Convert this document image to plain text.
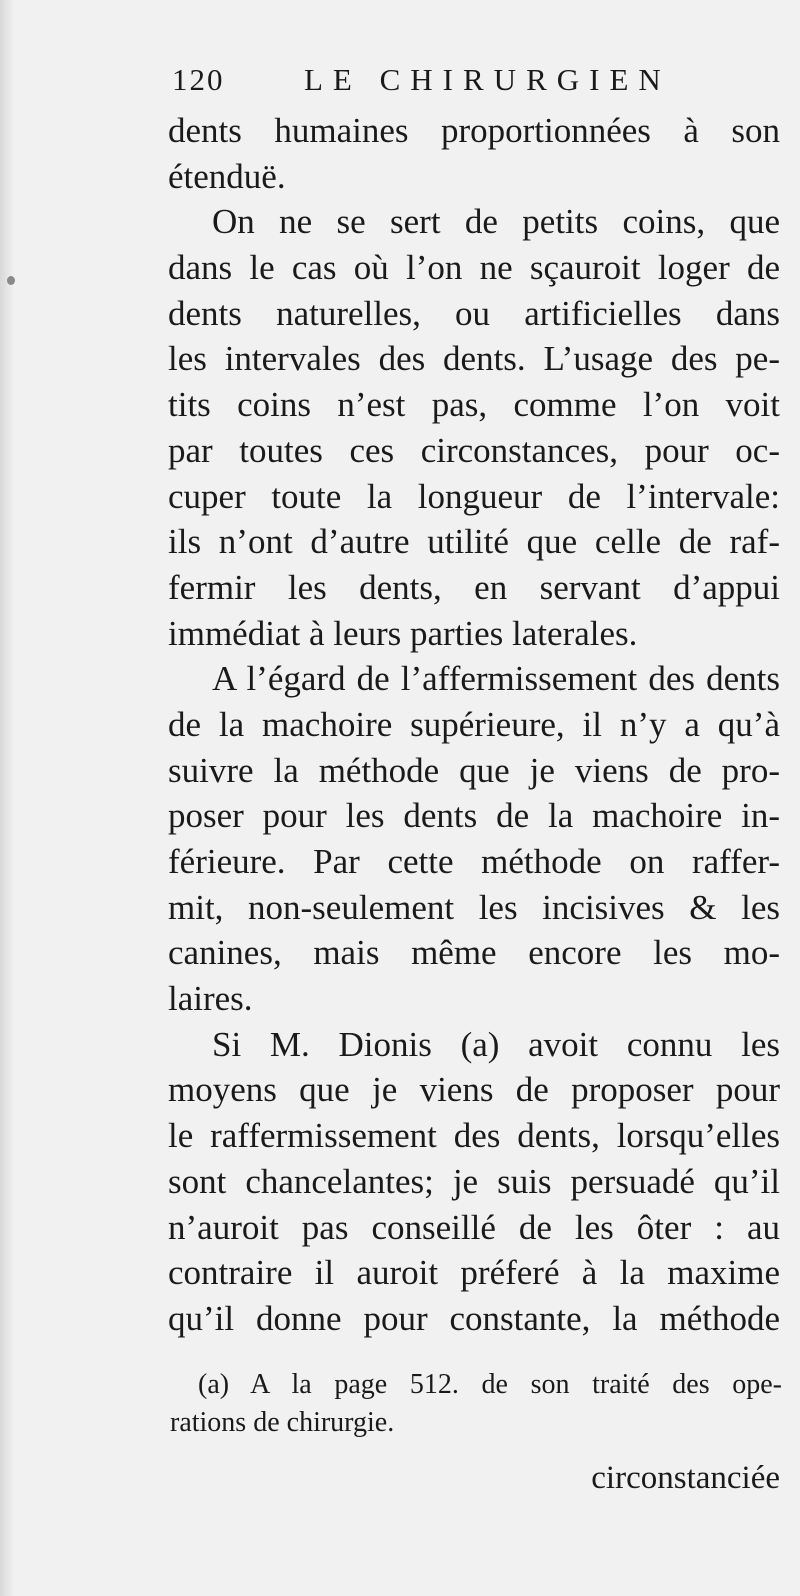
120	LE CHIRURGIEN
dents humaines proportionnées à son
étenduë.
On ne se sert de petits coins, que
dans le cas où l’on ne sçauroit loger de
dents naturelles, ou artificielles dans
les intervales des dents. L’usage des pe-
tits coins n’est pas, comme l’on voit
par toutes ces circonstances, pour oc-
cuper toute la longueur de l’intervale:
ils n’ont d’autre utilité que celle de raf-
fermir les dents, en servant d’appui
immédiat à leurs parties laterales.
A l’égard de l’affermissement des dents
de la machoire supérieure, il n’y a qu’à
suivre la méthode que je viens de pro-
poser pour les dents de la machoire in-
férieure. Par cette méthode on raffer-
mit, non-seulement les incisives & les
canines, mais même encore les mo-
laires.
Si M. Dionis (a) avoit connu les
moyens que je viens de proposer pour
le raffermissement des dents, lorsqu’elles
sont chancelantes; je suis persuadé qu’il
n’auroit pas conseillé de les ôter : au
contraire il auroit préferé à la maxime
qu’il donne pour constante, la méthode
(a) A la page 512. de son traité des ope-
rations de chirurgie.
circonstanciée
